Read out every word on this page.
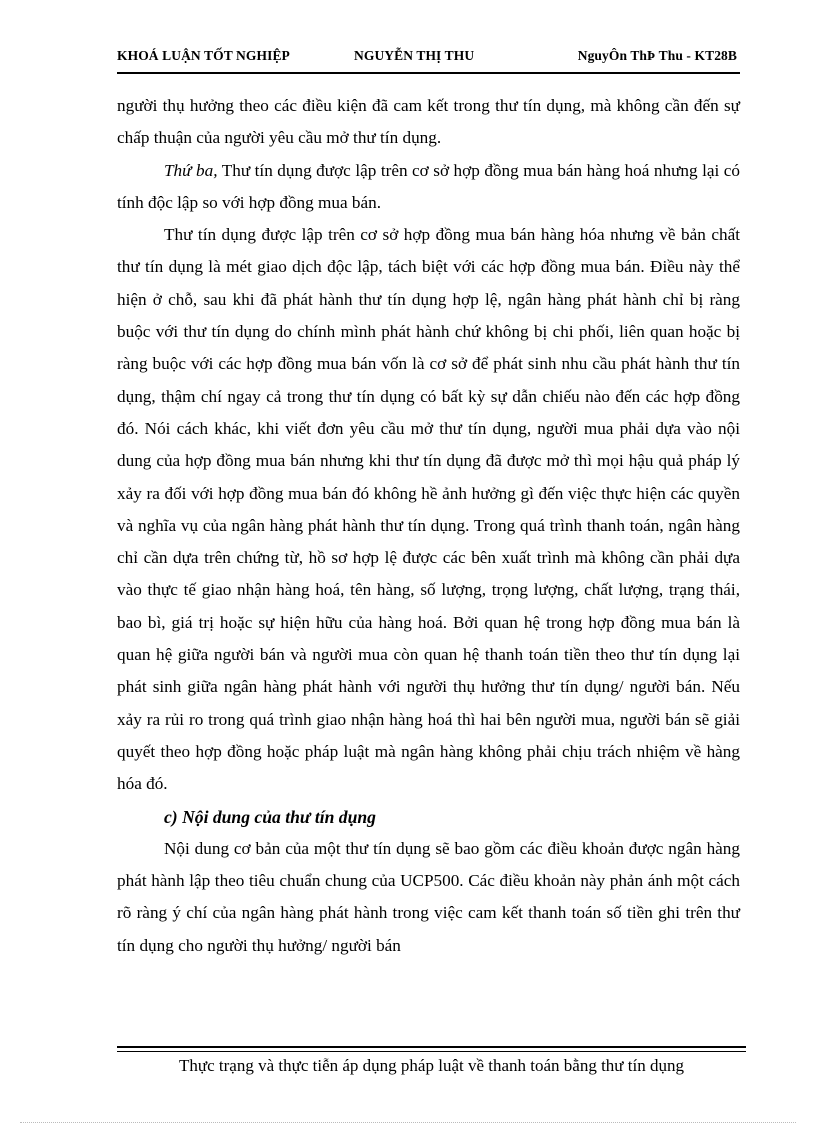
KHOÁ LUẬN TỐT NGHIỆP	NGUYỄN THỊ THU	NguyÔn ThÞ Thu - KT28B

người thụ hưởng theo các điều kiện đã cam kết trong thư tín dụng, mà không cần đến sự chấp thuận của người yêu cầu mở thư tín dụng.

Thứ ba, Thư tín dụng được lập trên cơ sở hợp đồng mua bán hàng hoá nhưng lại có tính độc lập so với hợp đồng mua bán.

Thư tín dụng được lập trên cơ sở hợp đồng mua bán hàng hóa nhưng về bản chất thư tín dụng là mét giao dịch độc lập, tách biệt với các hợp đồng mua bán. Điều này thể hiện ở chỗ, sau khi đã phát hành thư tín dụng hợp lệ, ngân hàng phát hành chỉ bị ràng buộc với thư tín dụng do chính mình phát hành chứ không bị chi phối, liên quan hoặc bị ràng buộc với các hợp đồng mua bán vốn là cơ sở để phát sinh nhu cầu phát hành thư tín dụng, thậm chí ngay cả trong thư tín dụng có bất kỳ sự dẫn chiếu nào đến các hợp đồng đó. Nói cách khác, khi viết đơn yêu cầu mở thư tín dụng, người mua phải dựa vào nội dung của hợp đồng mua bán nhưng khi thư tín dụng đã được mở thì mọi hậu quả pháp lý xảy ra đối với hợp đồng mua bán đó không hề ảnh hưởng gì đến việc thực hiện các quyền và nghĩa vụ của ngân hàng phát hành thư tín dụng. Trong quá trình thanh toán, ngân hàng chỉ cần dựa trên chứng từ, hồ sơ hợp lệ được các bên xuất trình mà không cần phải dựa vào thực tế giao nhận hàng hoá, tên hàng, số lượng, trọng lượng, chất lượng, trạng thái, bao bì, giá trị hoặc sự hiện hữu của hàng hoá. Bởi quan hệ trong hợp đồng mua bán là quan hệ giữa người bán và người mua còn quan hệ thanh toán tiền theo thư tín dụng lại phát sinh giữa ngân hàng phát hành với người thụ hưởng thư tín dụng/ người bán. Nếu xảy ra rủi ro trong quá trình giao nhận hàng hoá thì hai bên người mua, người bán sẽ giải quyết theo hợp đồng hoặc pháp luật mà ngân hàng không phải chịu trách nhiệm về hàng hóa đó.

c) Nội dung của thư tín dụng

Nội dung cơ bản của một thư tín dụng sẽ bao gồm các điều khoản được ngân hàng phát hành lập theo tiêu chuẩn chung của UCP500. Các điều khoản này phản ánh một cách rõ ràng ý chí của ngân hàng phát hành trong việc cam kết thanh toán số tiền ghi trên thư tín dụng cho người thụ hưởng/ người bán

Thực trạng và thực tiễn áp dụng pháp luật về thanh toán bằng thư tín dụng
